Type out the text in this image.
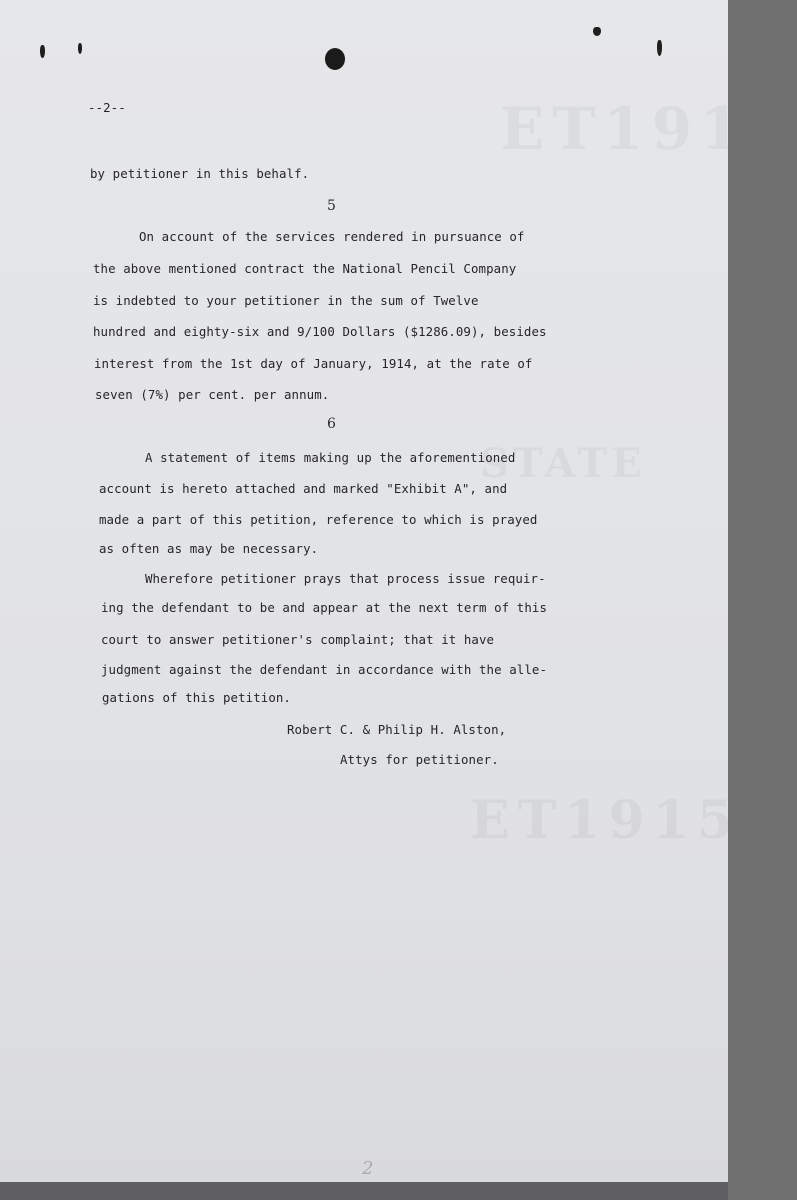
ET1915
STATE
ET1915
--2--
by petitioner in this behalf.
5
On account of the services rendered in pursuance of
the above mentioned contract the National Pencil Company
is indebted to your petitioner in the sum of Twelve
hundred and eighty-six and 9/100 Dollars ($1286.09), besides
interest from the 1st day of January, 1914, at the rate of
seven (7%) per cent. per annum.
6
A statement of items making up the aforementioned
account is hereto attached and marked "Exhibit A", and
made a part of this petition, reference to which is prayed
as often as may be necessary.
Wherefore petitioner prays that process issue requir-
ing the defendant to be and appear at the next term of this
court to answer petitioner's complaint; that it have
judgment against the defendant in accordance with the alle-
gations of this petition.
Robert C. & Philip H. Alston,
Attys for petitioner.
2
